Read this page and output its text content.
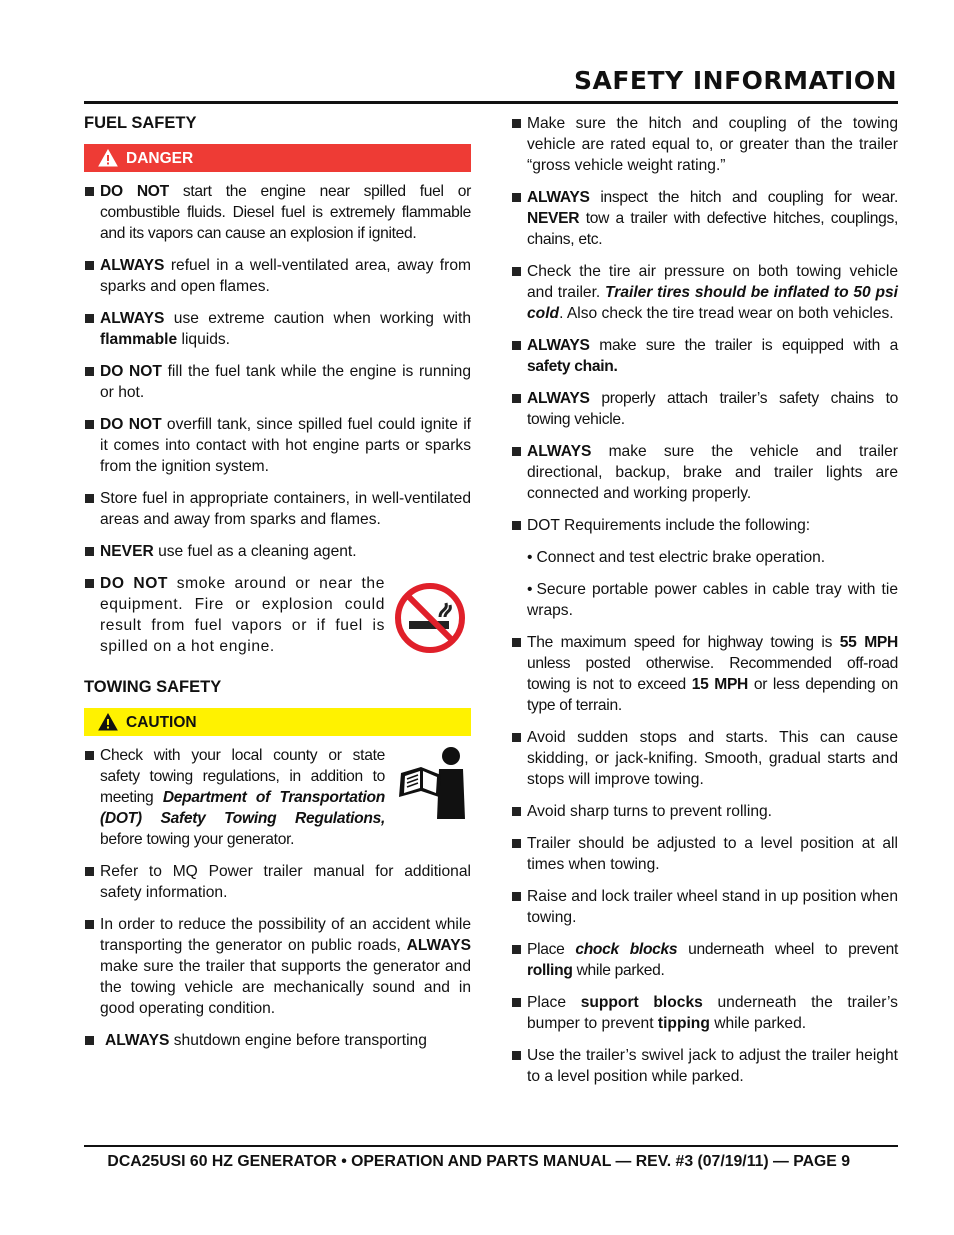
SAFETY INFORMATION
FUEL SAFETY
DANGER
DO NOT start the engine near spilled fuel or combustible fluids. Diesel fuel is extremely flammable and its vapors can cause an explosion if ignited.
ALWAYS refuel in a well-ventilated area, away from sparks and open flames.
ALWAYS use extreme caution when working with flammable liquids.
DO NOT fill the fuel tank while the engine is running or hot.
DO NOT overfill tank, since spilled fuel could ignite if it comes into contact with hot engine parts or sparks from the ignition system.
Store fuel in appropriate containers, in well-ventilated areas and away from sparks and flames.
NEVER use fuel as a cleaning agent.
DO NOT smoke around or near the equipment. Fire or explosion could result from fuel vapors or if fuel is spilled on a hot engine.
TOWING SAFETY
CAUTION
Check with your local county or state safety towing regulations, in addition to meeting Department of Transportation (DOT) Safety Towing Regulations, before towing your generator.
Refer to MQ Power trailer manual for additional safety information.
In order to reduce the possibility of an accident while transporting the generator on public roads, ALWAYS make sure the trailer that supports the generator and the towing vehicle are mechanically sound and in good operating condition.
ALWAYS shutdown engine before transporting
Make sure the hitch and coupling of the towing vehicle are rated equal to, or greater than the trailer “gross vehicle weight rating.”
ALWAYS inspect the hitch and coupling for wear. NEVER tow a trailer with defective hitches, couplings, chains, etc.
Check the tire air pressure on both towing vehicle and trailer. Trailer tires should be inflated to 50 psi cold. Also check the tire tread wear on both vehicles.
ALWAYS make sure the trailer is equipped with a safety chain.
ALWAYS properly attach trailer’s safety chains to towing vehicle.
ALWAYS make sure the vehicle and trailer directional, backup, brake and trailer lights are connected and working properly.
DOT Requirements include the following:
• Connect and test electric brake operation.
• Secure portable power cables in cable tray with tie wraps.
The maximum speed for highway towing is 55 MPH unless posted otherwise. Recommended off-road towing is not to exceed 15 MPH or less depending on type of terrain.
Avoid sudden stops and starts. This can cause skidding, or jack-knifing. Smooth, gradual starts and stops will improve towing.
Avoid sharp turns to prevent rolling.
Trailer should be adjusted to a level position at all times when towing.
Raise and lock trailer wheel stand in up position when towing.
Place chock blocks underneath wheel to prevent rolling while parked.
Place support blocks underneath the trailer’s bumper to prevent tipping while parked.
Use the trailer’s swivel jack to adjust the trailer height to a level position while parked.
DCA25USI 60 HZ GENERATOR • OPERATION AND PARTS MANUAL — REV. #3 (07/19/11) — PAGE 9
